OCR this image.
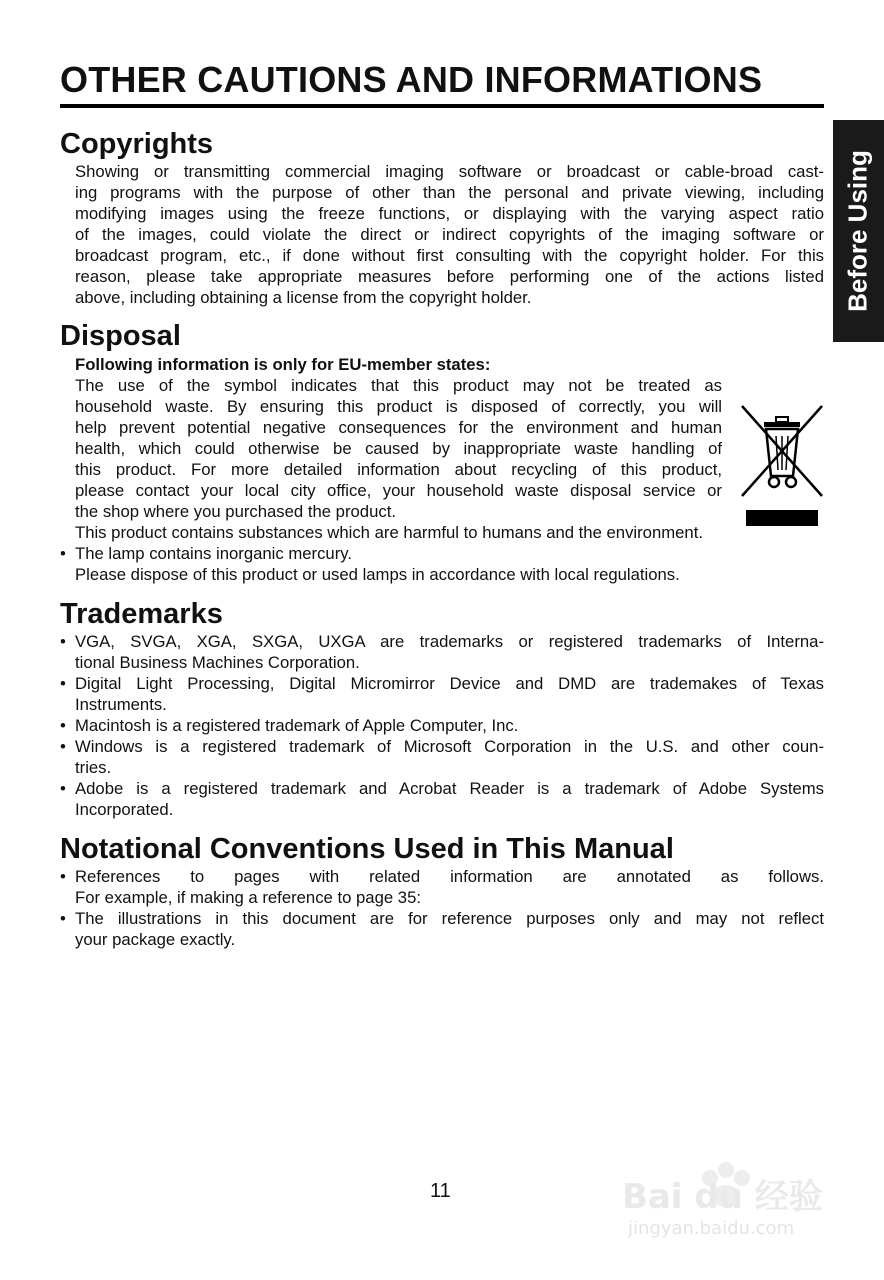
OTHER CAUTIONS AND INFORMATIONS
Before Using
Copyrights
Showing or transmitting commercial imaging software or broadcast or cable-broad cast-
ing programs with the purpose of other than the personal and private viewing, including
modifying images using the freeze functions, or displaying with the varying aspect ratio
of the images, could violate the direct or indirect copyrights of the imaging software or
broadcast program, etc., if done without first consulting with the copyright holder. For this
reason, please take appropriate measures before performing one of the actions listed
above, including obtaining a license from the copyright holder.
Disposal
Following information is only for EU-member states:
The use of the symbol indicates that this product may not be treated as
household waste. By ensuring this product is disposed of correctly, you will
help prevent potential negative consequences for the environment and human
health, which could otherwise be caused by inappropriate waste handling of
this product. For more detailed information about recycling of this product,
please contact your local city office, your household waste disposal service or
the shop where you purchased the product.
This product contains substances which are harmful to humans and the environment.
• The lamp contains inorganic mercury.
Please dispose of this product or used lamps in accordance with local regulations.
Trademarks
• VGA, SVGA, XGA, SXGA, UXGA are trademarks or registered trademarks of Interna-
tional Business Machines Corporation.
• Digital Light Processing, Digital Micromirror Device and DMD are trademakes of Texas
Instruments.
• Macintosh is a registered trademark of Apple Computer, Inc.
• Windows is a registered trademark of Microsoft Corporation in the U.S. and other coun-
tries.
• Adobe is a registered trademark and Acrobat Reader is a trademark of Adobe Systems
Incorporated.
Notational Conventions Used in This Manual
• References to pages with related information are annotated as follows.
For example, if making a reference to page 35:
• The illustrations in this document are for reference purposes only and may not reflect
your package exactly.
11	Bai du 经验
jingyan.baidu.com
